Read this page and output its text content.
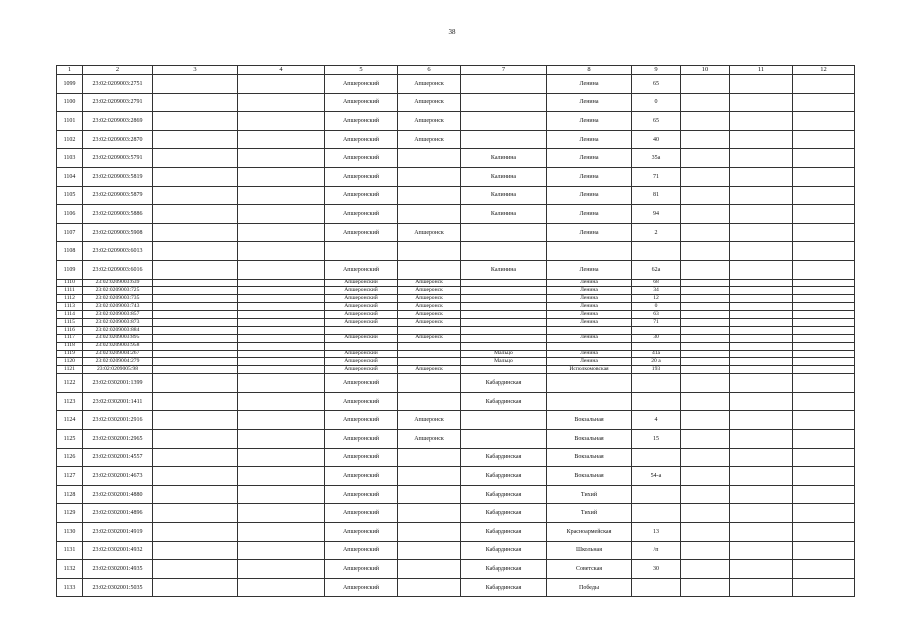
38
1	2	3	4	5	6	7	8	9	10	11	12
1099	23:02:0209003:2751			Апшеронский	Апшеронск		Ленина	65			
1100	23:02:0209003:2791			Апшеронский	Апшеронск		Ленина	0			
1101	23:02:0209003:2869			Апшеронский	Апшеронск		Ленина	65			
1102	23:02:0209003:2870			Апшеронский	Апшеронск		Ленина	40			
1103	23:02:0209003:5791			Апшеронский		Калинина	Ленина	35а			
1104	23:02:0209003:5819			Апшеронский		Калинина	Ленина	71			
1105	23:02:0209003:5879			Апшеронский		Калинина	Ленина	81			
1106	23:02:0209003:5886			Апшеронский		Калинина	Ленина	94			
1107	23:02:0209003:5908			Апшеронский	Апшеронск		Ленина	2			
1108	23:02:0209003:6013										
1109	23:02:0209003:6016			Апшеронский		Калинина	Ленина	62а			
1110	23:02:0209003:639			Апшеронский	Апшеронск		Ленина	68			
1111	23:02:0209003:725			Апшеронский	Апшеронск		Ленина	34			
1112	23:02:0209003:735			Апшеронский	Апшеронск		Ленина	12			
1113	23:02:0209003:743			Апшеронский	Апшеронск		Ленина	0			
1114	23:02:0209003:857			Апшеронский	Апшеронск		Ленина	63			
1115	23:02:0209003:873			Апшеронский	Апшеронск		Ленина	71			
1116	23:02:0209003:884										
1117	23:02:0209003:895			Апшеронский	Апшеронск		Ленина	30			
1118	23:02:0209003:958										
1119	23:02:0209004:267			Апшеронский		Мальцо	Ленина	41а			
1120	23:02:0209004:279			Апшеронский		Мальцо	Ленина	20 а			
1121	23:02:0209005:98			Апшеронский	Апшеронск		Исполкомовская	193			
1122	23:02:0302001:1399			Апшеронский		Кабардинская					
1123	23:02:0302001:1411			Апшеронский		Кабардинская					
1124	23:02:0302001:2916			Апшеронский	Апшеронск		Вокзальная	4			
1125	23:02:0302001:2965			Апшеронский	Апшеронск		Вокзальная	15			
1126	23:02:0302001:4557			Апшеронский		Кабардинская	Вокзальная				
1127	23:02:0302001:4673			Апшеронский		Кабардинская	Вокзальная	54-а			
1128	23:02:0302001:4880			Апшеронский		Кабардинская	Тихий				
1129	23:02:0302001:4896			Апшеронский		Кабардинская	Тихий				
1130	23:02:0302001:4919			Апшеронский		Кабардинская	Красноармейская	13			
1131	23:02:0302001:4932			Апшеронский		Кабардинская	Школьная	/п			
1132	23:02:0302001:4935			Апшеронский		Кабардинская	Советская	30			
1133	23:02:0302001:5035			Апшеронский		Кабардинская	Победы				
